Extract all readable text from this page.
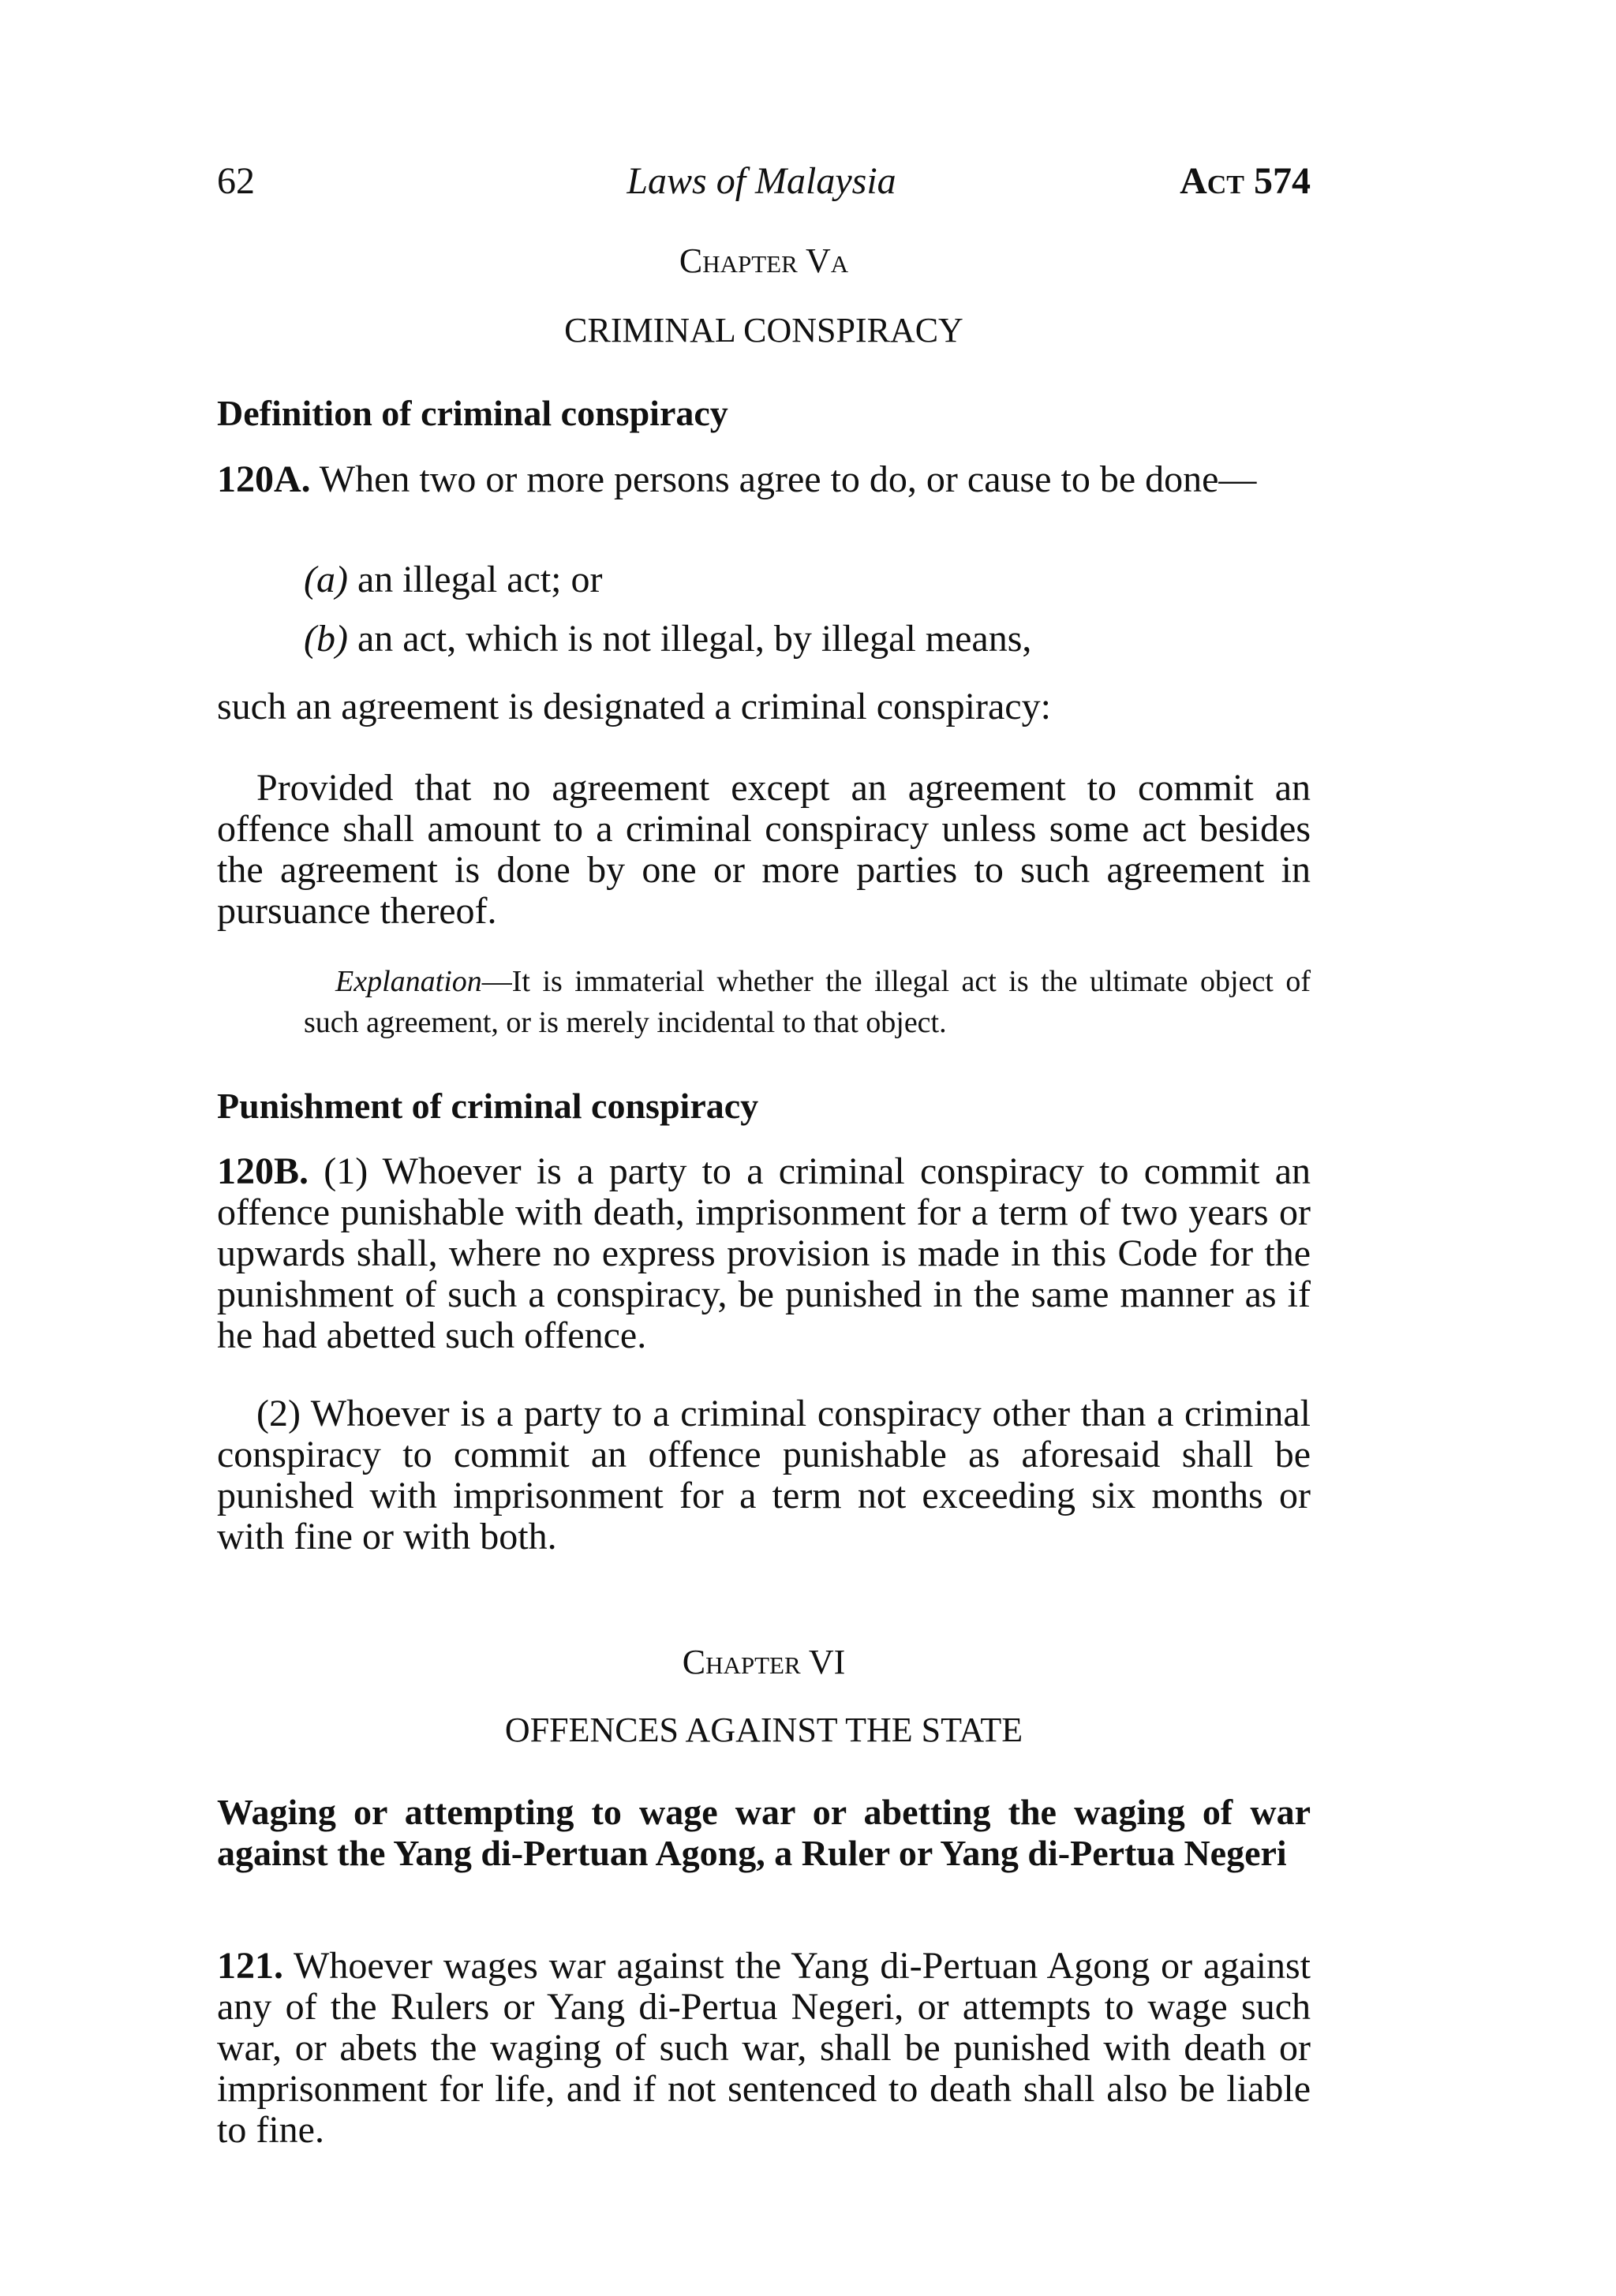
62	Laws of Malaysia	Act 574
Chapter Va
CRIMINAL CONSPIRACY
Definition of criminal conspiracy
120A. When two or more persons agree to do, or cause to be done—
(a) an illegal act; or
(b) an act, which is not illegal, by illegal means,
such an agreement is designated a criminal conspiracy:
Provided that no agreement except an agreement to commit an offence shall amount to a criminal conspiracy unless some act besides the agreement is done by one or more parties to such agreement in pursuance thereof.
Explanation—It is immaterial whether the illegal act is the ultimate object of such agreement, or is merely incidental to that object.
Punishment of criminal conspiracy
120B. (1) Whoever is a party to a criminal conspiracy to commit an offence punishable with death, imprisonment for a term of two years or upwards shall, where no express provision is made in this Code for the punishment of such a conspiracy, be punished in the same manner as if he had abetted such offence.
(2) Whoever is a party to a criminal conspiracy other than a criminal conspiracy to commit an offence punishable as aforesaid shall be punished with imprisonment for a term not exceeding six months or with fine or with both.
Chapter VI
OFFENCES AGAINST THE STATE
Waging or attempting to wage war or abetting the waging of war against the Yang di-Pertuan Agong, a Ruler or Yang di-Pertua Negeri
121. Whoever wages war against the Yang di-Pertuan Agong or against any of the Rulers or Yang di-Pertua Negeri, or attempts to wage such war, or abets the waging of such war, shall be punished with death or imprisonment for life, and if not sentenced to death shall also be liable to fine.
